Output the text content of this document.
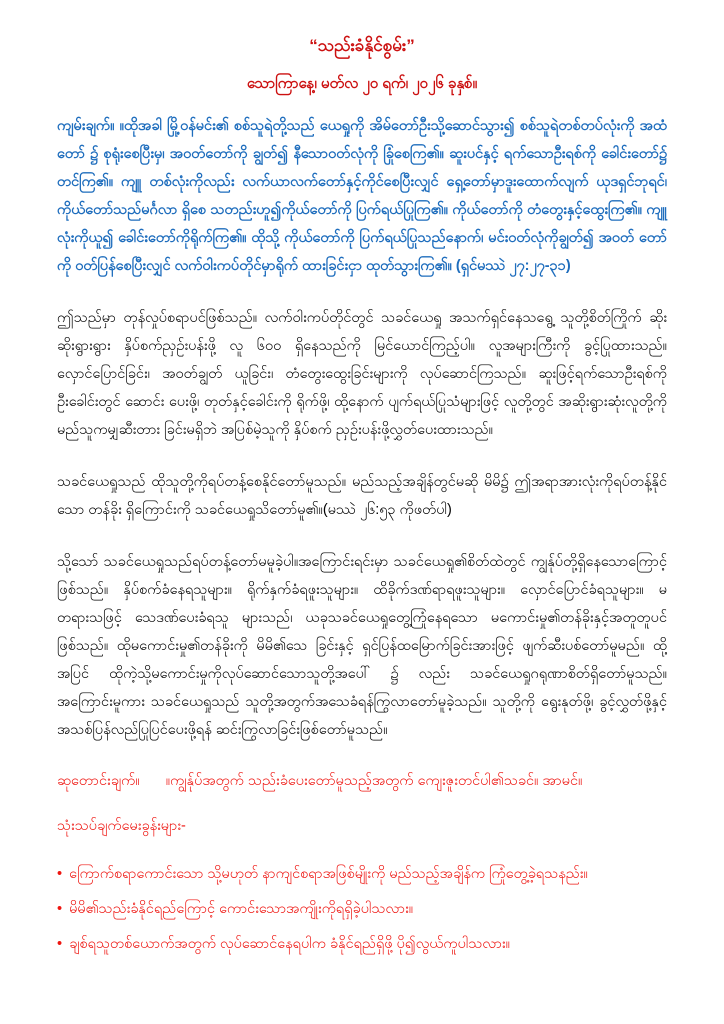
“သည်းခံနိုင်စွမ်း”
သောကြာနေ့၊ မတ်လ ၂၀ ရက်၊ ၂၀၂၆ ခုနှစ်။

ကျမ်းချက်။ ။ထိုအခါ မြို့ဝန်မင်း၏ စစ်သူရဲတို့သည် ယေရှုကို အိမ်တော်ဦးသို့ဆောင်သွား၍ စစ်သူရဲတစ်တပ်လုံးကို အထံတော် ၌ စုရုံးစေပြီးမှ၊ အဝတ်တော်ကို ချွတ်၍ နီသောဝတ်လုံကို ခြုံစေကြ၏။ ဆူးပင်နှင့် ရက်သောဦးရစ်ကို ခေါင်းတော်၌ တင်ကြ၏။ ကျူ တစ်လုံးကိုလည်း လက်ယာလက်တော်နှင့်ကိုင်စေပြီးလျှင် ရှေ့တော်မှာဒူးထောက်လျက် ယုဒရှင်ဘုရင်၊ ကိုယ်တော်သည်မင်္ဂလာ ရှိစေ သတည်းဟူ၍ကိုယ်တော်ကို ပြက်ရယ်ပြုကြ၏။ ကိုယ်တော်ကို တံတွေးနှင့်ထွေးကြ၏။ ကျူလုံးကိုယူ၍ ခေါင်းတော်ကိုရိုက်ကြ၏။ ထိုသို့ ကိုယ်တော်ကို ပြက်ရယ်ပြုသည်နောက်၊ မင်းဝတ်လုံကိုချွတ်၍ အဝတ် တော်ကို ဝတ်ပြန်စေပြီးလျှင် လက်ဝါးကပ်တိုင်မှာရိုက် ထားခြင်းငှာ ထုတ်သွားကြ၏။ (ရှင်မဿဲ ၂၇:၂၇-၃၁)

ဤသည်မှာ တုန်လှုပ်စရာပင်ဖြစ်သည်။ လက်ဝါးကပ်တိုင်တွင် သခင်ယေရှု အသက်ရှင်နေသရွေ့ သူတို့စိတ်ကြိုက် ဆိုးဆိုးရွားရွား နှိပ်စက်ညှဉ်းပန်းဖို့ လူ ၆၀၀ ရှိနေသည်ကို မြင်ယောင်ကြည့်ပါ။ လူအများကြီးကို ခွင့်ပြုထားသည်။ လှောင်ပြောင်ခြင်း၊ အဝတ်ချွတ် ယူခြင်း၊ တံတွေးထွေးခြင်းများကို လုပ်ဆောင်ကြသည်။ ဆူးဖြင့်ရက်သောဦးရစ်ကို ဦးခေါင်းတွင် ဆောင်း ပေးဖို့၊ တုတ်နှင့်ခေါင်းကို ရိုက်ဖို့၊ ထို့နောက် ပျက်ရယ်ပြုသံများဖြင့် လူတို့တွင် အဆိုးရွားဆုံးလူတို့ကို မည်သူကမျှဆီးတား ခြင်းမရှိဘဲ အပြစ်မဲ့သူကို နှိပ်စက် ညှဉ်းပန်းဖို့လွှတ်ပေးထားသည်။

သခင်ယေရှုသည် ထိုသူတို့ကိုရပ်တန့်စေနိုင်တော်မူသည်။ မည်သည့်အချိန်တွင်မဆို မိမိ၌ ဤအရာအားလုံးကိုရပ်တန့်နိုင်သော တန်ခိုး ရှိကြောင်းကို သခင်ယေရှုသိတော်မူ၏။(မဿဲ ၂၆:၅၃ ကိုဖတ်ပါ)

သို့သော် သခင်ယေရှုသည်ရပ်တန့်တော်မမူခဲ့ပါ။အကြောင်းရင်းမှာ သခင်ယေရှု၏စိတ်ထဲတွင် ကျွန်ုပ်တို့ရှိနေသောကြောင့်ဖြစ်သည်။ နှိပ်စက်ခံနေရသူများ။ ရိုက်နှက်ခံရဖူးသူများ။ ထိခိုက်ဒဏ်ရာရဖူးသူများ။ လှောင်ပြောင်ခံရသူများ။ မတရားသဖြင့် သေဒဏ်ပေးခံရသူ များသည်၊ ယခုသခင်ယေရှုတွေ့ကြုံနေရသော မကောင်းမှု၏တန်ခိုးနှင့်အတူတူပင်ဖြစ်သည်။ ထိုမကောင်းမှု၏တန်ခိုးကို မိမိ၏သေ ခြင်းနှင့် ရှင်ပြန်ထမြောက်ခြင်းအားဖြင့် ဖျက်ဆီးပစ်တော်မူမည်။ ထို့အပြင် ထိုကဲ့သို့မကောင်းမှုကိုလုပ်ဆောင်သောသူတို့အပေါ် ၌ လည်း သခင်ယေရှုဂရုဏာစိတ်ရှိတော်မူသည်။ အကြောင်းမူကား သခင်ယေရှုသည် သူတို့အတွက်အသေခံရန်ကြွလာတော်မူခဲ့သည်။ သူတို့ကို ရွေးနုတ်ဖို့၊ ခွင့်လွှတ်ဖို့နှင့်အသစ်ပြန်လည်ပြုပြင်ပေးဖို့ရန် ဆင်းကြွလာခြင်းဖြစ်တော်မူသည်။

ဆုတောင်းချက်။ ။ကျွန်ုပ်အတွက် သည်းခံပေးတော်မူသည့်အတွက် ကျေးဇူးတင်ပါ၏သခင်။ အာမင်။

သုံးသပ်ချက်မေးခွန်းများ-

• ကြောက်စရာကောင်းသော သို့မဟုတ် နာကျင်စရာအဖြစ်မျိုးကို မည်သည့်အချိန်က ကြုံတွေ့ခဲ့ရသနည်း။
• မိမိ၏သည်းခံနိုင်ရည်ကြောင့် ကောင်းသောအကျိုးကိုရရှိခဲ့ပါသလား။
• ချစ်ရသူတစ်ယောက်အတွက် လုပ်ဆောင်နေရပါက ခံနိုင်ရည်ရှိဖို့ ပို၍လွယ်ကူပါသလား။
